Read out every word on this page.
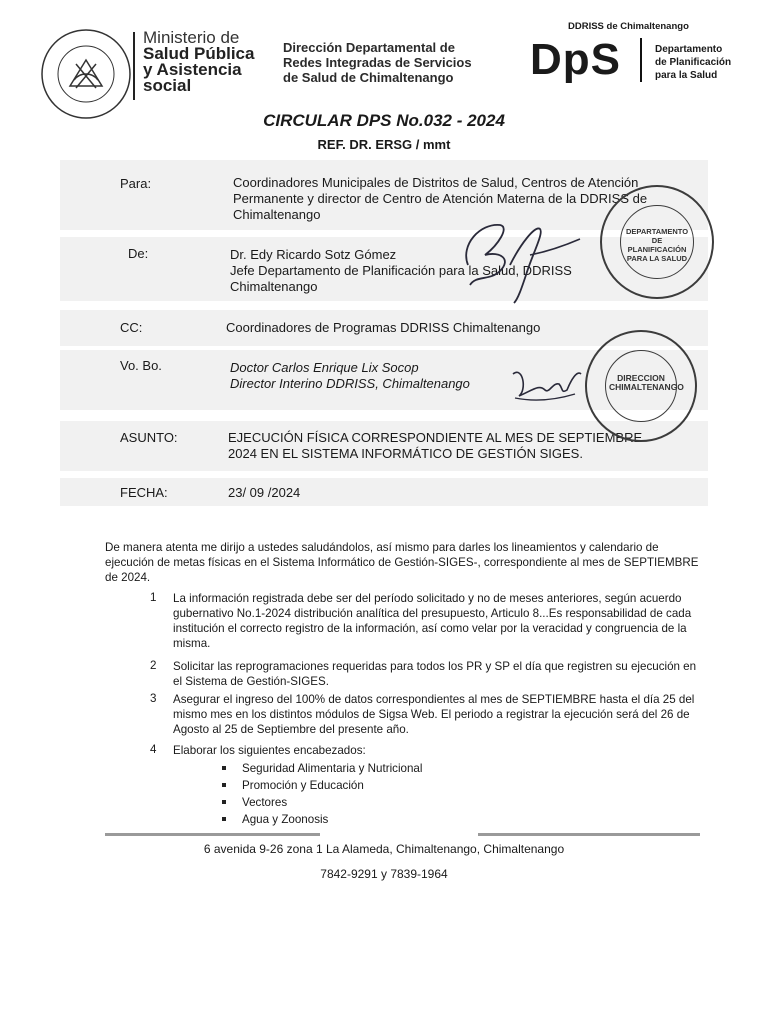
Ministerio de
Salud Pública
y Asistencia
social
Dirección Departamental de
Redes Integradas de Servicios
de Salud de Chimaltenango
DDRISS de Chimaltenango
DpS	Departamento
de Planificación
para la Salud
CIRCULAR DPS No.032 - 2024
REF. DR. ERSG / mmt
Para:	Coordinadores Municipales de Distritos de Salud, Centros de Atención Permanente y director de Centro de Atención Materna de la DDRISS de Chimaltenango
De:	Dr. Edy Ricardo Sotz Gómez
Jefe Departamento de Planificación para la Salud, DDRISS
Chimaltenango
CC:	Coordinadores de Programas DDRISS Chimaltenango
Vo. Bo.	Doctor Carlos Enrique Lix Socop
Director Interino DDRISS, Chimaltenango
ASUNTO:	EJECUCIÓN FÍSICA CORRESPONDIENTE AL MES DE SEPTIEMBRE
2024 EN EL SISTEMA INFORMÁTICO DE GESTIÓN SIGES.
FECHA:	23/ 09 /2024
DEPARTAMENTO DE PLANIFICACIÓN PARA LA SALUD
DIRECCION CHIMALTENANGO
De manera atenta me dirijo a ustedes saludándolos, así mismo para darles los lineamientos y calendario de ejecución de metas físicas en el Sistema Informático de Gestión-SIGES-, correspondiente al mes de SEPTIEMBRE de 2024.
1 La información registrada debe ser del período solicitado y no de meses anteriores, según acuerdo gubernativo No.1-2024 distribución analítica del presupuesto, Articulo 8...Es responsabilidad de cada institución el correcto registro de la información, así como velar por la veracidad y congruencia de la misma.
2 Solicitar las reprogramaciones requeridas para todos los PR y SP el día que registren su ejecución en el Sistema de Gestión-SIGES.
3 Asegurar el ingreso del 100% de datos correspondientes al mes de SEPTIEMBRE hasta el día 25 del mismo mes en los distintos módulos de Sigsa Web. El periodo a registrar la ejecución será del 26 de Agosto al 25 de Septiembre del presente año.
4 Elaborar los siguientes encabezados:
Seguridad Alimentaria y Nutricional
Promoción y Educación
Vectores
Agua y Zoonosis
6 avenida 9-26 zona 1 La Alameda, Chimaltenango, Chimaltenango
7842-9291 y 7839-1964
